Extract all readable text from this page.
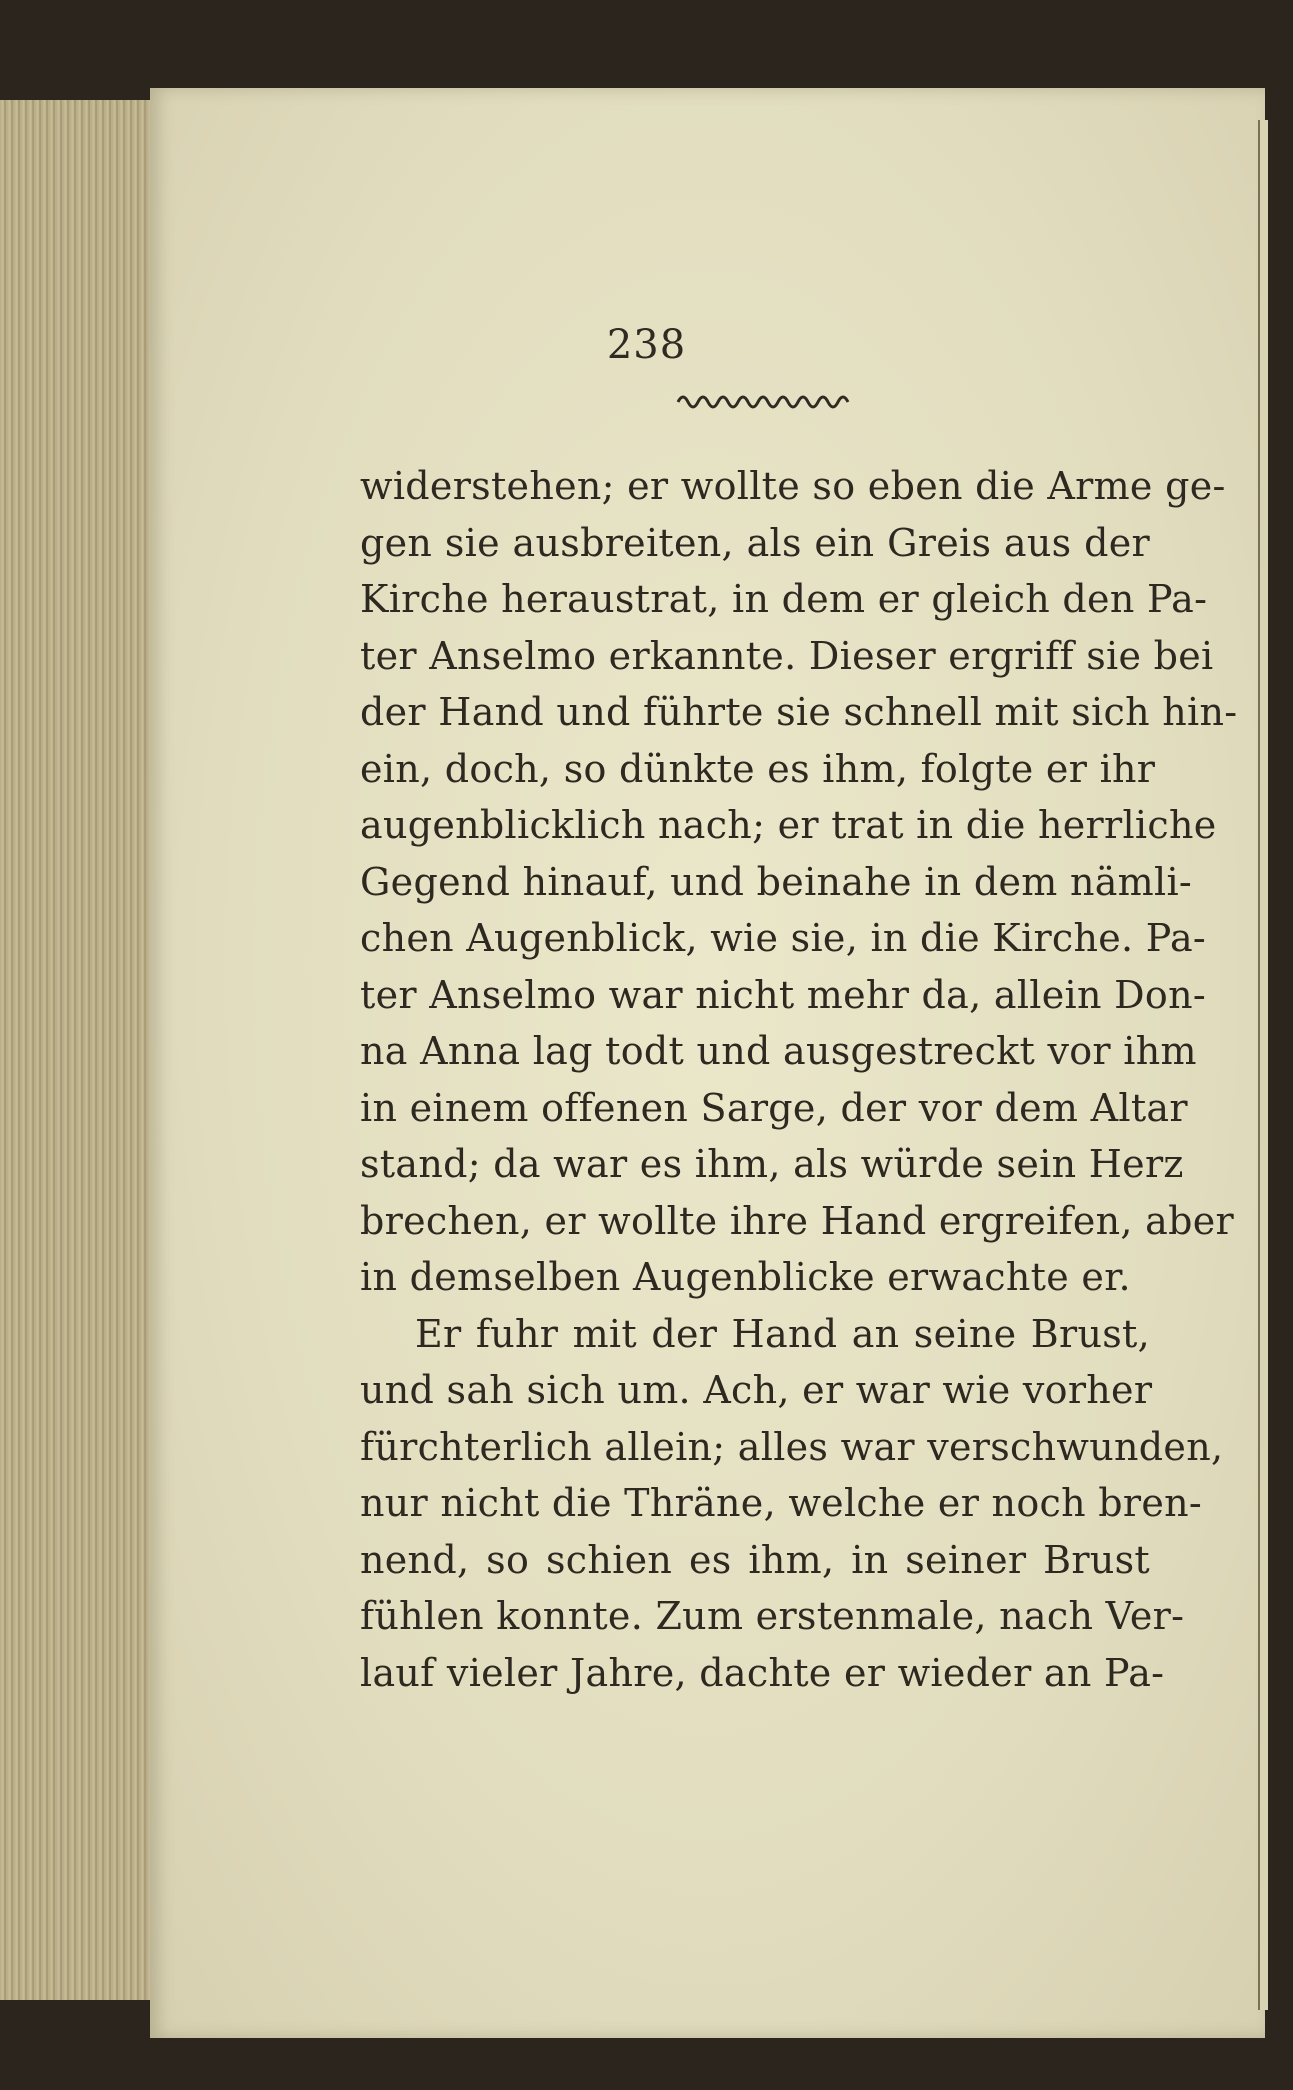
238
widerstehen; er wollte so eben die Arme ge-
gen sie ausbreiten, als ein Greis aus der
Kirche heraustrat, in dem er gleich den Pa-
ter Anselmo erkannte. Dieser ergriff sie bei
der Hand und führte sie schnell mit sich hin-
ein, doch, so dünkte es ihm, folgte er ihr
augenblicklich nach; er trat in die herrliche
Gegend hinauf, und beinahe in dem nämli-
chen Augenblick, wie sie, in die Kirche. Pa-
ter Anselmo war nicht mehr da, allein Don-
na Anna lag todt und ausgestreckt vor ihm
in einem offenen Sarge, der vor dem Altar
stand; da war es ihm, als würde sein Herz
brechen, er wollte ihre Hand ergreifen, aber
in demselben Augenblicke erwachte er.
Er fuhr mit der Hand an seine Brust,
und sah sich um. Ach, er war wie vorher
fürchterlich allein; alles war verschwunden,
nur nicht die Thräne, welche er noch bren-
nend, so schien es ihm, in seiner Brust
fühlen konnte. Zum erstenmale, nach Ver-
lauf vieler Jahre, dachte er wieder an Pa-
